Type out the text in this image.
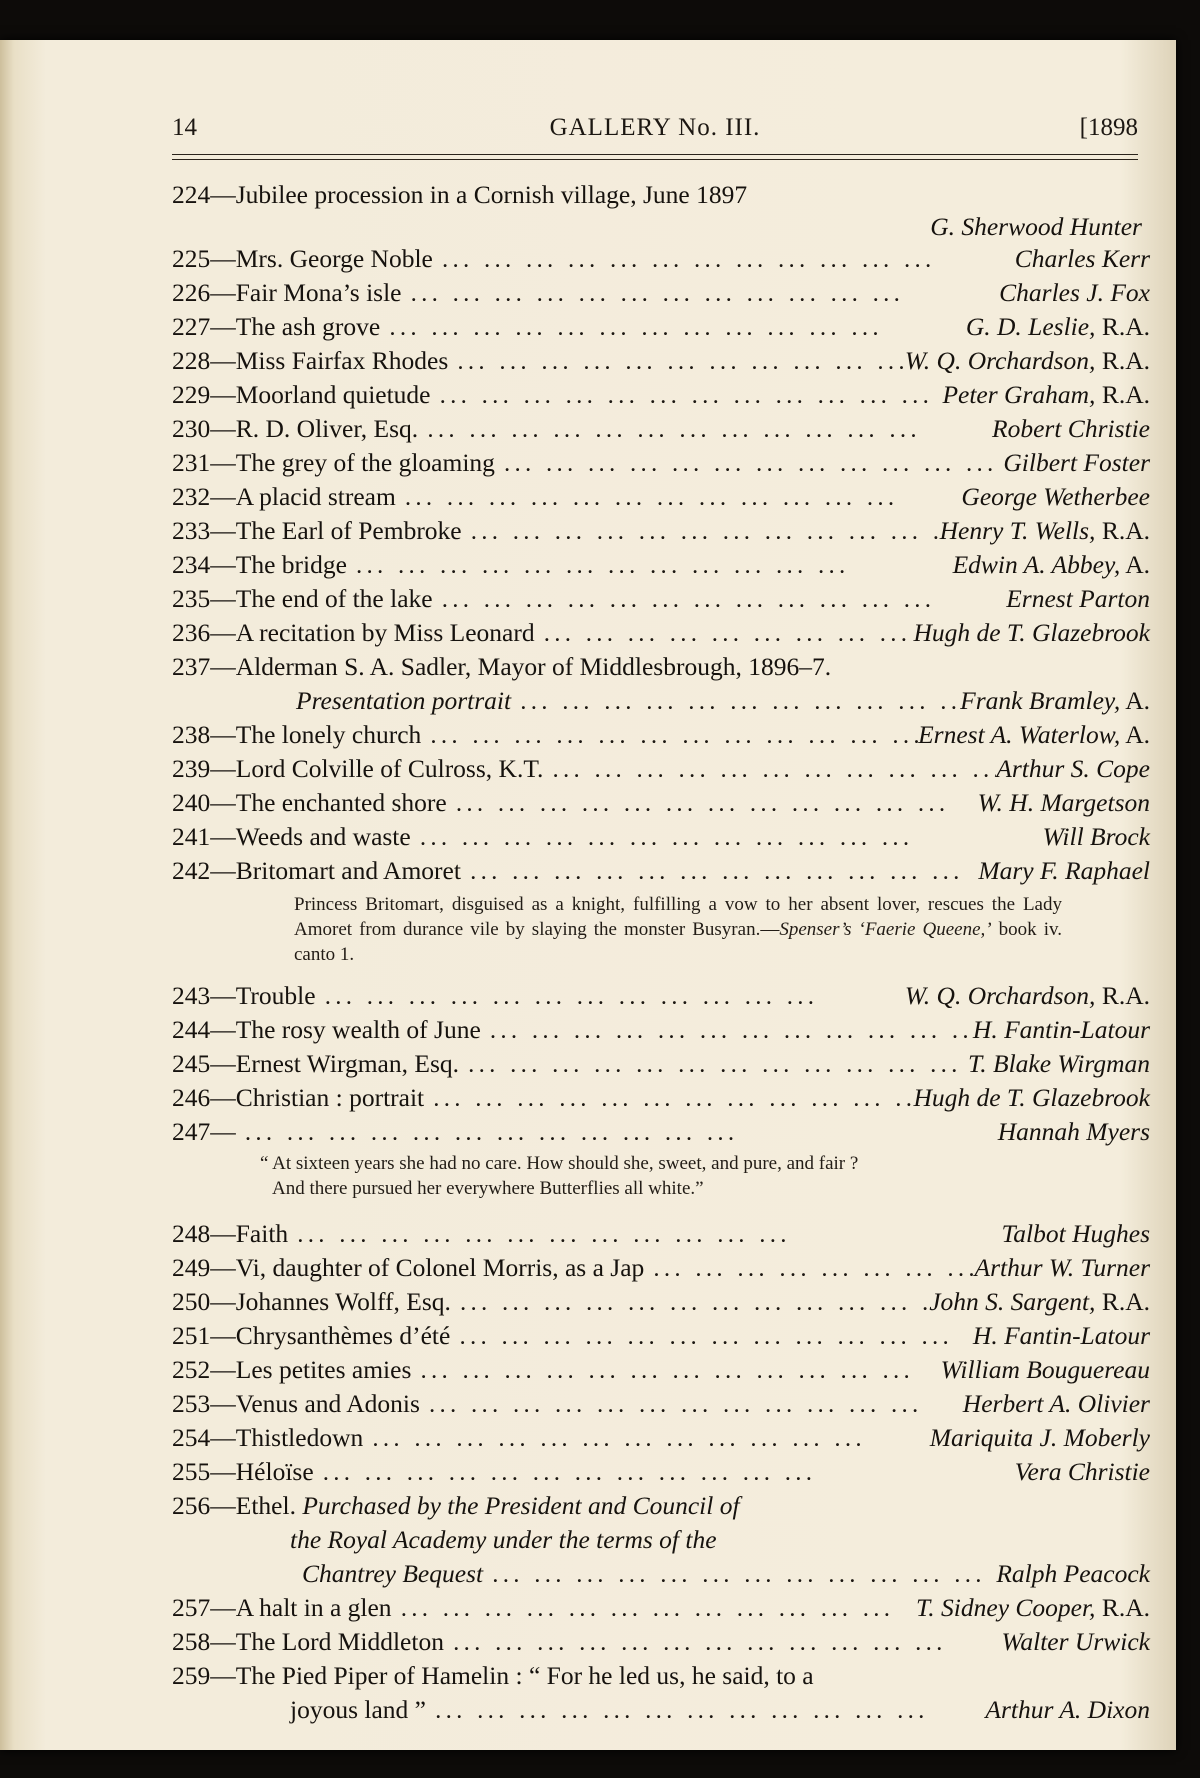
14	GALLERY No. III.	[1898
224—Jubilee procession in a Cornish village, June 1897
G. Sherwood Hunter
225—Mrs. George Noble ... .	Charles Kerr
226—Fair Mona’s isle ... .	Charles J. Fox
227—The ash grove ... .	G. D. Leslie, R.A.
228—Miss Fairfax Rhodes ... .	W. Q. Orchardson, R.A.
229—Moorland quietude ... .	Peter Graham, R.A.
230—R. D. Oliver, Esq. ... .	Robert Christie
231—The grey of the gloaming ... .	Gilbert Foster
232—A placid stream ... .	George Wetherbee
233—The Earl of Pembroke ... .	Henry T. Wells, R.A.
234—The bridge ... .	Edwin A. Abbey, A.
235—The end of the lake ... .	Ernest Parton
236—A recitation by Miss Leonard ... .	Hugh de T. Glazebrook
237—Alderman S. A. Sadler, Mayor of Middlesbrough, 1896–7.
Presentation portrait ... .	Frank Bramley, A.
238—The lonely church ... .	Ernest A. Waterlow, A.
239—Lord Colville of Culross, K.T. ... .	Arthur S. Cope
240—The enchanted shore ... .	W. H. Margetson
241—Weeds and waste ... .	Will Brock
242—Britomart and Amoret ... .	Mary F. Raphael
Princess Britomart, disguised as a knight, fulfilling a vow to her absent lover, rescues the Lady Amoret from durance vile by slaying the monster Busyran.—Spenser’s ‘Faerie Queene,’ book iv. canto 1.
243—Trouble ... .	W. Q. Orchardson, R.A.
244—The rosy wealth of June ... .	H. Fantin-Latour
245—Ernest Wirgman, Esq. ... .	T. Blake Wirgman
246—Christian : portrait ... .	Hugh de T. Glazebrook
247— ... .	Hannah Myers
“ At sixteen years she had no care. How should she, sweet, and pure, and fair ?
And there pursued her everywhere Butterflies all white.”
248—Faith ... .	Talbot Hughes
249—Vi, daughter of Colonel Morris, as a Jap ... .	Arthur W. Turner
250—Johannes Wolff, Esq. ... .	John S. Sargent, R.A.
251—Chrysanthèmes d’été ... .	H. Fantin-Latour
252—Les petites amies ... .	William Bouguereau
253—Venus and Adonis ... .	Herbert A. Olivier
254—Thistledown ... .	Mariquita J. Moberly
255—Héloïse ... .	Vera Christie
256—Ethel. Purchased by the President and Council of
the Royal Academy under the terms of the
Chantrey Bequest ... .	Ralph Peacock
257—A halt in a glen ... .	T. Sidney Cooper, R.A.
258—The Lord Middleton ... .	Walter Urwick
259—The Pied Piper of Hamelin : “ For he led us, he said, to a
joyous land ” ... .	Arthur A. Dixon
